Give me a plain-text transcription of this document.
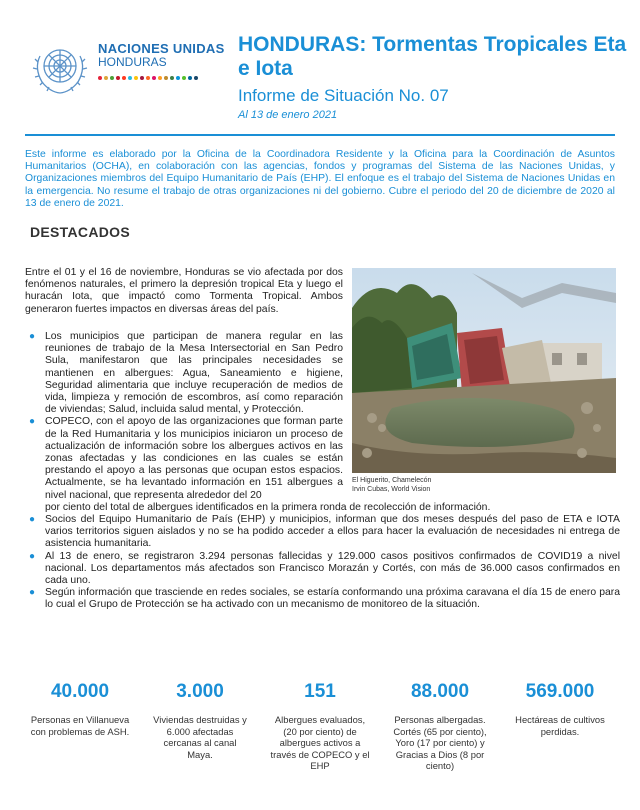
NACIONES UNIDAS
HONDURAS
HONDURAS: Tormentas Tropicales Eta e Iota
Informe de Situación No. 07
Al 13 de enero 2021
Este informe es elaborado por la Oficina de la Coordinadora Residente y la Oficina para la Coordinación de Asuntos Humanitarios (OCHA), en colaboración con las agencias, fondos y programas del Sistema de las Naciones Unidas, y Organizaciones miembros del Equipo Humanitario de País (EHP). El enfoque es el trabajo del Sistema de Naciones Unidas en la emergencia. No resume el trabajo de otras organizaciones ni del gobierno. Cubre el periodo del 20 de diciembre de 2020 al 13 de enero de 2021.
DESTACADOS
Entre el 01 y el 16 de noviembre, Honduras se vio afectada por dos fenómenos naturales, el primero la depresión tropical Eta y luego el huracán Iota, que impactó como Tormenta Tropical. Ambos generaron fuertes impactos en diversas áreas del país.
El Higuerito, Chamelecón
Irvin Cubas, World Vision
● Los municipios que participan de manera regular en las reuniones de trabajo de la Mesa Intersectorial en San Pedro Sula, manifestaron que las principales necesidades se mantienen en albergues: Agua, Saneamiento e higiene, Seguridad alimentaria que incluye recuperación de medios de vida, limpieza y remoción de escombros, así como reparación de viviendas; Salud, incluida salud mental, y Protección.
● COPECO, con el apoyo de las organizaciones que forman parte de la Red Humanitaria y los municipios iniciaron un proceso de actualización de información sobre los albergues activos en las zonas afectadas y las condiciones en las cuales se están prestando el apoyo a las personas que ocupan estos espacios. Actualmente, se ha levantado información en 151 albergues a nivel nacional, que representa alrededor del 20
por ciento del total de albergues identificados en la primera ronda de recolección de información.
● Socios del Equipo Humanitario de País (EHP) y municipios, informan que dos meses después del paso de ETA e IOTA varios territorios siguen aislados y no se ha podido acceder a ellos para hacer la evaluación de necesidades ni entrega de asistencia humanitaria.
● Al 13 de enero, se registraron 3.294 personas fallecidas y 129.000 casos positivos confirmados de COVID19 a nivel nacional. Los departamentos más afectados son Francisco Morazán y Cortés, con más de 36.000 casos confirmados en cada uno.
● Según información que trasciende en redes sociales, se estaría conformando una próxima caravana el día 15 de enero para lo cual el Grupo de Protección se ha activado con un mecanismo de monitoreo de la situación.
40.000
Personas en Villanueva con problemas de ASH.
3.000
Viviendas destruidas y 6.000 afectadas cercanas al canal Maya.
151
Albergues evaluados, (20 por ciento) de albergues activos a través de COPECO y el EHP
88.000
Personas albergadas. Cortés (65 por ciento), Yoro (17 por ciento) y Gracias a Dios (8 por ciento)
569.000
Hectáreas de cultivos perdidas.
